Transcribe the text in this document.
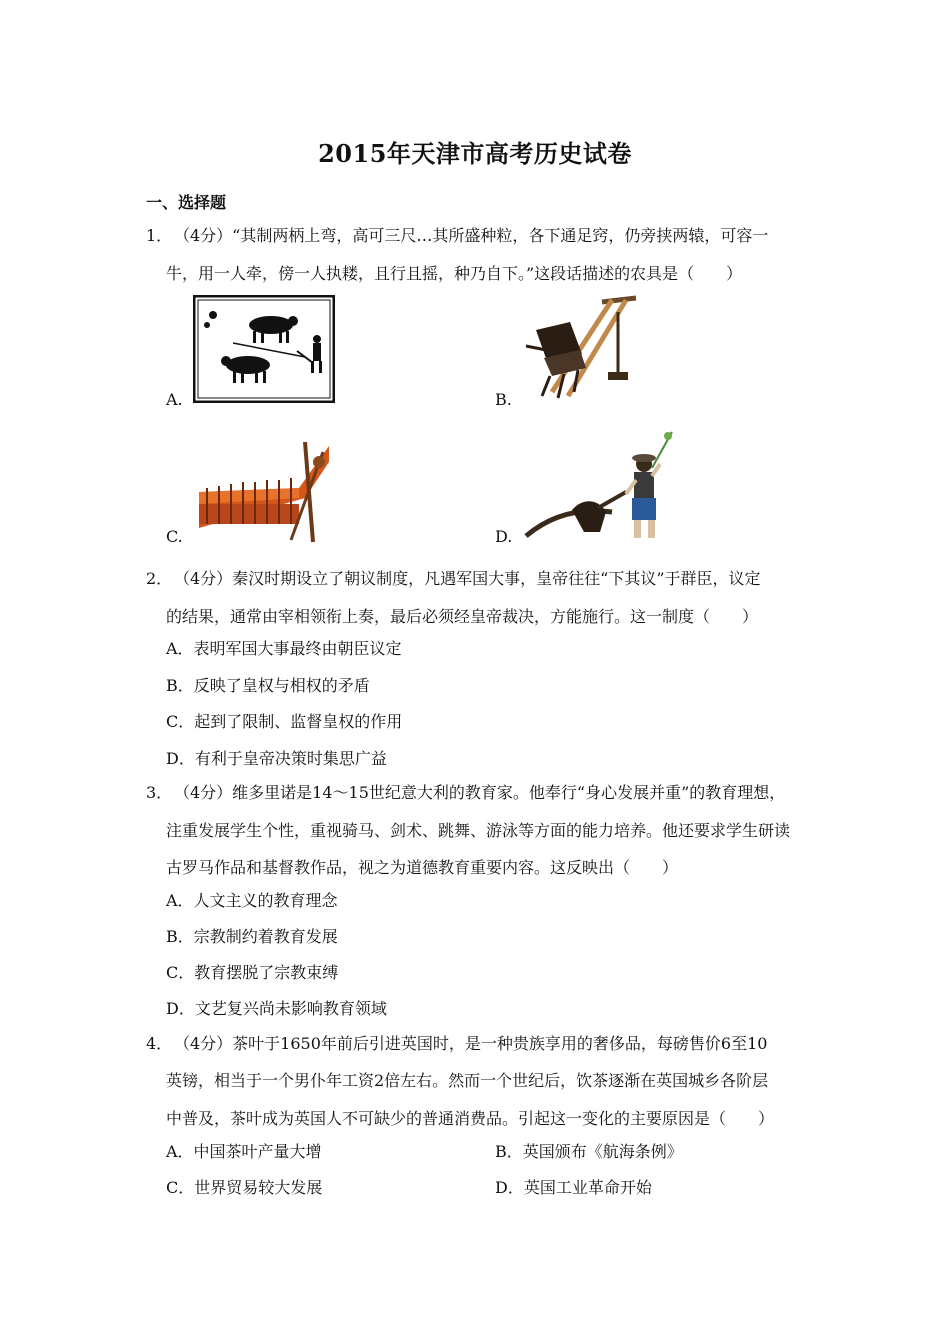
2015年天津市高考历史试卷
一、选择题
1． （4分）“其制两柄上弯，高可三尺…其所盛种粒，各下通足窍，仍旁挟两辕，可容一
牛，用一人牵，傍一人执耧，且行且摇，种乃自下。”这段话描述的农具是（　　）
A.	B.
C.	D.
2． （4分）秦汉时期设立了朝议制度，凡遇军国大事，皇帝往往“下其议”于群臣，议定
的结果，通常由宰相领衔上奏，最后必须经皇帝裁决，方能施行。这一制度（　　）
A．表明军国大事最终由朝臣议定
B．反映了皇权与相权的矛盾
C．起到了限制、监督皇权的作用
D．有利于皇帝决策时集思广益
3． （4分）维多里诺是14～15世纪意大利的教育家。他奉行“身心发展并重”的教育理想，
注重发展学生个性，重视骑马、剑术、跳舞、游泳等方面的能力培养。他还要求学生研读
古罗马作品和基督教作品，视之为道德教育重要内容。这反映出（　　）
A．人文主义的教育理念
B．宗教制约着教育发展
C．教育摆脱了宗教束缚
D．文艺复兴尚未影响教育领域
4． （4分）茶叶于1650年前后引进英国时，是一种贵族享用的奢侈品，每磅售价6至10
英镑，相当于一个男仆年工资2倍左右。然而一个世纪后，饮茶逐渐在英国城乡各阶层
中普及，茶叶成为英国人不可缺少的普通消费品。引起这一变化的主要原因是（　　）
A．中国茶叶产量大增	B．英国颁布《航海条例》
C．世界贸易较大发展	D．英国工业革命开始
